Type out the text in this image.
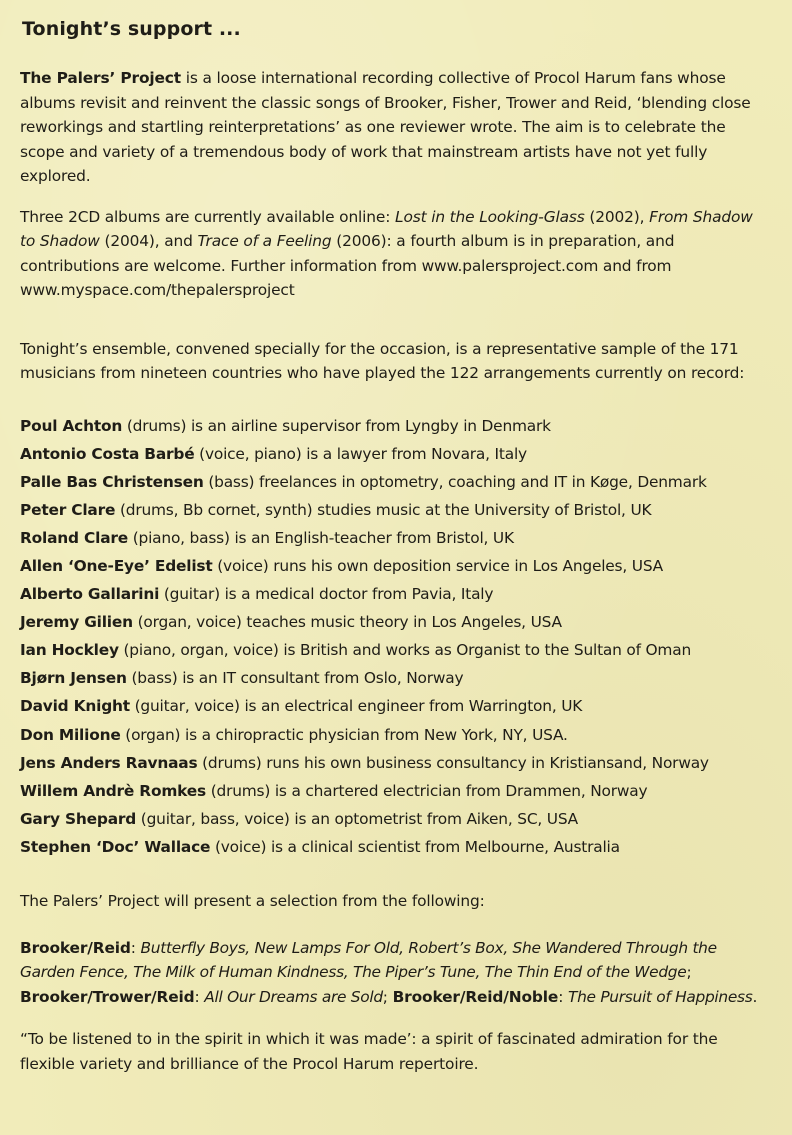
Tonight’s support ...

The Palers’ Project is a loose international recording collective of Procol Harum fans whose albums revisit and reinvent the classic songs of Brooker, Fisher, Trower and Reid, ‘blending close reworkings and startling reinterpretations’ as one reviewer wrote. The aim is to celebrate the scope and variety of a tremendous body of work that mainstream artists have not yet fully explored.

Three 2CD albums are currently available online: Lost in the Looking-Glass (2002), From Shadow to Shadow (2004), and Trace of a Feeling (2006): a fourth album is in preparation, and contributions are welcome. Further information from www.palersproject.com and from www.myspace.com/thepalersproject

Tonight’s ensemble, convened specially for the occasion, is a representative sample of the 171 musicians from nineteen countries who have played the 122 arrangements currently on record:

Poul Achton (drums) is an airline supervisor from Lyngby in Denmark
Antonio Costa Barbé (voice, piano) is a lawyer from Novara, Italy
Palle Bas Christensen (bass) freelances in optometry, coaching and IT in Køge, Denmark
Peter Clare (drums, Bb cornet, synth) studies music at the University of Bristol, UK
Roland Clare (piano, bass) is an English-teacher from Bristol, UK
Allen ‘One-Eye’ Edelist (voice) runs his own deposition service in Los Angeles, USA
Alberto Gallarini (guitar) is a medical doctor from Pavia, Italy
Jeremy Gilien (organ, voice) teaches music theory in Los Angeles, USA
Ian Hockley (piano, organ, voice) is British and works as Organist to the Sultan of Oman
Bjørn Jensen (bass) is an IT consultant from Oslo, Norway
David Knight (guitar, voice) is an electrical engineer from Warrington, UK
Don Milione (organ) is a chiropractic physician from New York, NY, USA.
Jens Anders Ravnaas (drums) runs his own business consultancy in Kristiansand, Norway
Willem Andrè Romkes (drums) is a chartered electrician from Drammen, Norway
Gary Shepard (guitar, bass, voice) is an optometrist from Aiken, SC, USA
Stephen ‘Doc’ Wallace (voice) is a clinical scientist from Melbourne, Australia

The Palers’ Project will present a selection from the following:

Brooker/Reid: Butterfly Boys, New Lamps For Old, Robert’s Box, She Wandered Through the Garden Fence, The Milk of Human Kindness, The Piper’s Tune, The Thin End of the Wedge; Brooker/Trower/Reid: All Our Dreams are Sold; Brooker/Reid/Noble: The Pursuit of Happiness.

“To be listened to in the spirit in which it was made’: a spirit of fascinated admiration for the flexible variety and brilliance of the Procol Harum repertoire.
